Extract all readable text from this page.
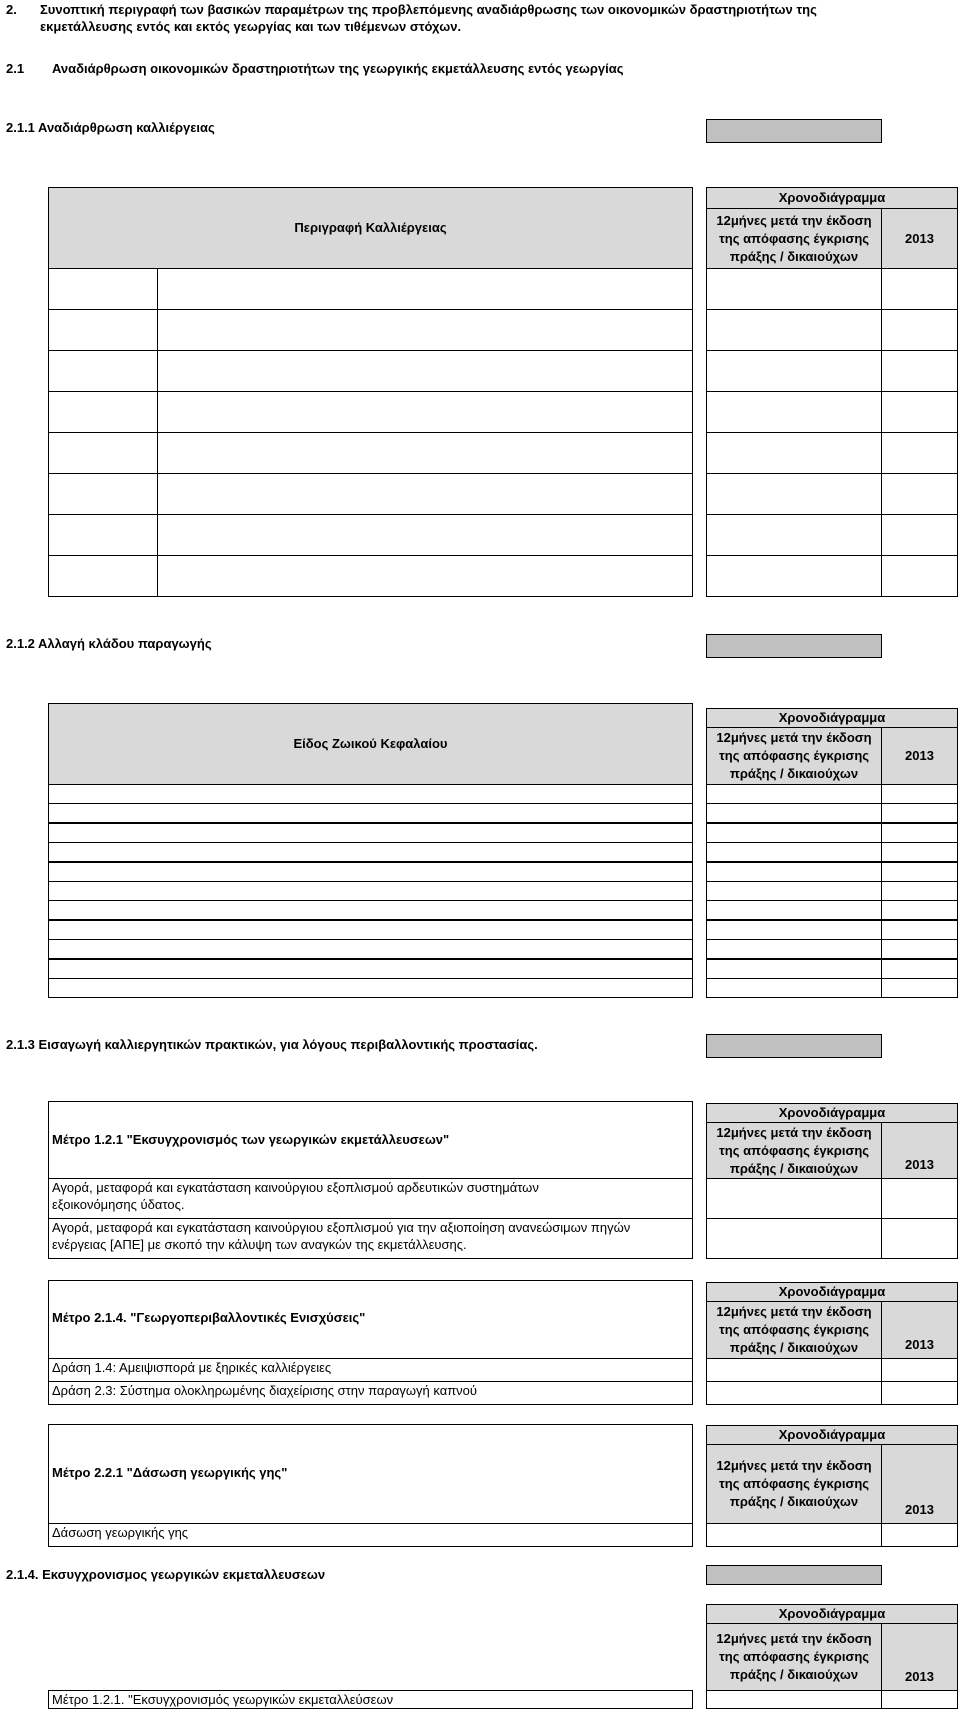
2. Συνοπτική περιγραφή των βασικών παραμέτρων της προβλεπόμενης αναδιάρθρωσης των οικονομικών δραστηριοτήτων της
εκμετάλλευσης εντός και εκτός γεωργίας και των τιθέμενων στόχων.
2.1 Αναδιάρθρωση οικονομικών δραστηριοτήτων της γεωργικής εκμετάλλευσης εντός γεωργίας
2.1.1 Αναδιάρθρωση καλλιέργειας
Περιγραφή Καλλιέργειας
Χρονοδιάγραμμα
12μήνες μετά την έκδοση
της απόφασης έγκρισης
πράξης / δικαιούχων
2013
2.1.2 Αλλαγή κλάδου παραγωγής
Είδος Ζωικού Κεφαλαίου
Χρονοδιάγραμμα
12μήνες μετά την έκδοση
της απόφασης έγκρισης
πράξης / δικαιούχων
2013
2.1.3 Εισαγωγή καλλιεργητικών πρακτικών, για λόγους περιβαλλοντικής προστασίας.
Μέτρο 1.2.1 "Εκσυγχρονισμός των γεωργικών εκμετάλλευσεων"
Αγορά, μεταφορά και εγκατάσταση καινούργιου εξοπλισμού αρδευτικών συστημάτων
εξοικονόμησης ύδατος.
Αγορά, μεταφορά και εγκατάσταση καινούργιου εξοπλισμού για την αξιοποίηση ανανεώσιμων πηγών
ενέργειας [ΑΠΕ] με σκοπό την κάλυψη των αναγκών της εκμετάλλευσης.
Χρονοδιάγραμμα
12μήνες μετά την έκδοση
της απόφασης έγκρισης
πράξης / δικαιούχων	2013
Μέτρο 2.1.4. "Γεωργοπεριβαλλοντικές Ενισχύσεις"
Δράση 1.4: Αμειψισπορά με ξηρικές καλλιέργειες
Δράση 2.3: Σύστημα ολοκληρωμένης διαχείρισης στην παραγωγή καπνού
Χρονοδιάγραμμα
12μήνες μετά την έκδοση
της απόφασης έγκρισης
πράξης / δικαιούχων	2013
Μέτρο 2.2.1 "Δάσωση γεωργικής γης"
Δάσωση γεωργικής γης
Χρονοδιάγραμμα
12μήνες μετά την έκδοση
της απόφασης έγκρισης
πράξης / δικαιούχων
2013
2.1.4. Εκσυγχρονισμος γεωργικών εκμεταλλευσεων
Χρονοδιάγραμμα
12μήνες μετά την έκδοση
της απόφασης έγκρισης
πράξης / δικαιούχων	2013
Μέτρο 1.2.1. "Εκσυγχρονισμός γεωργικών εκμεταλλεύσεων
